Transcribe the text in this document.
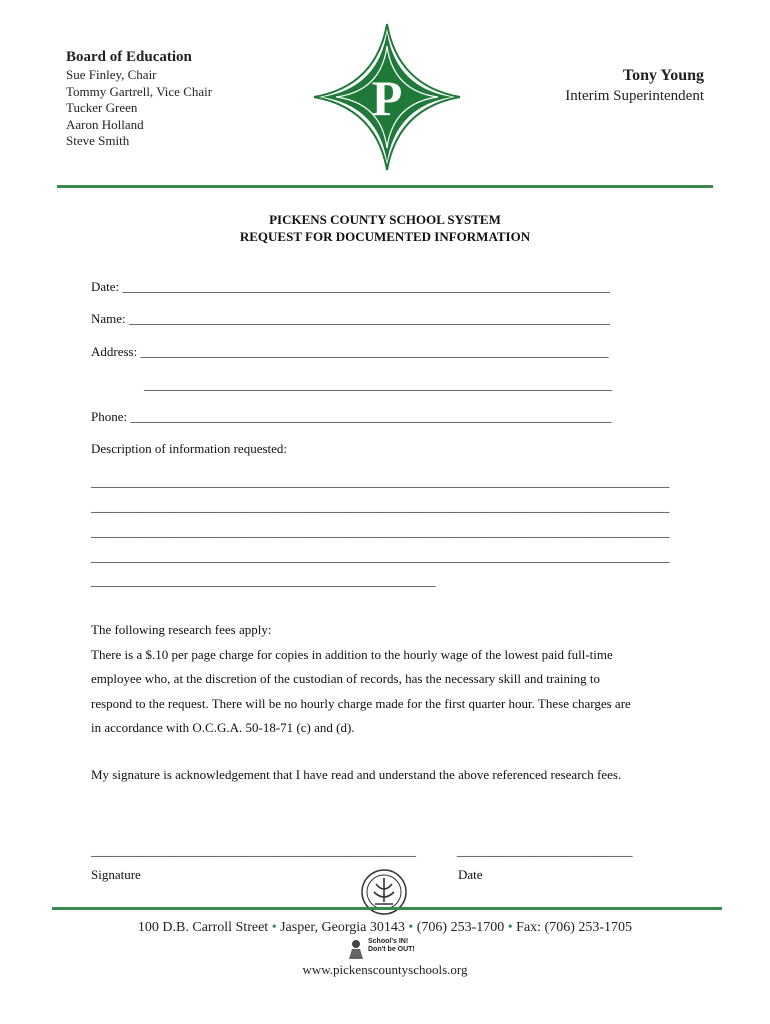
Board of Education
Sue Finley, Chair
Tommy Gartrell, Vice Chair
Tucker Green
Aaron Holland
Steve Smith
P	Tony Young
Interim Superintendent
PICKENS COUNTY SCHOOL SYSTEM
REQUEST FOR DOCUMENTED INFORMATION
Date: ___________________________________________________________________________
Name: __________________________________________________________________________
Address: ________________________________________________________________________
________________________________________________________________________
Phone: __________________________________________________________________________
Description of information requested:
_________________________________________________________________________________________
_________________________________________________________________________________________
_________________________________________________________________________________________
_________________________________________________________________________________________
_____________________________________________________
The following research fees apply:
There is a $.10 per page charge for copies in addition to the hourly wage of the lowest paid full-time
employee who, at the discretion of the custodian of records, has the necessary skill and training to
respond to the request. There will be no hourly charge made for the first quarter hour. These charges are
in accordance with O.C.G.A. 50-18-71 (c) and (d).
My signature is acknowledgement that I have read and understand the above referenced research fees.
__________________________________________________	___________________________
Signature	Date
100 D.B. Carroll Street • Jasper, Georgia 30143 • (706) 253-1700 • Fax: (706) 253-1705
School's IN!
Don't be OUT!
www.pickenscountyschools.org
